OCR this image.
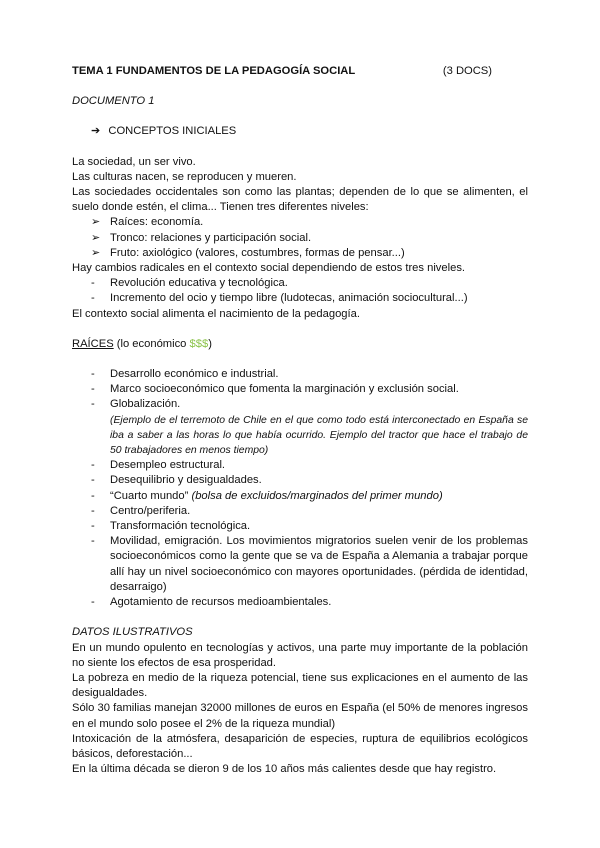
TEMA 1 FUNDAMENTOS DE LA PEDAGOGÍA SOCIAL	(3 DOCS)

DOCUMENTO 1

➔ CONCEPTOS INICIALES

La sociedad, un ser vivo.

Las culturas nacen, se reproducen y mueren.

Las sociedades occidentales son como las plantas; dependen de lo que se alimenten, el suelo donde estén, el clima... Tienen tres diferentes niveles:

➢ Raíces: economía.
➢ Tronco: relaciones y participación social.
➢ Fruto: axiológico (valores, costumbres, formas de pensar...)

Hay cambios radicales en el contexto social dependiendo de estos tres niveles.

-	Revolución educativa y tecnológica.
-	Incremento del ocio y tiempo libre (ludotecas, animación sociocultural...)

El contexto social alimenta el nacimiento de la pedagogía.

RAÍCES (lo económico $$$)

-	Desarrollo económico e industrial.
-	Marco socioeconómico que fomenta la marginación y exclusión social.
-	Globalización.

(Ejemplo de el terremoto de Chile en el que como todo está interconectado en España se iba a saber a las horas lo que había ocurrido. Ejemplo del tractor que hace el trabajo de 50 trabajadores en menos tiempo)

-	Desempleo estructural.
-	Desequilibrio y desigualdades.
-	“Cuarto mundo” (bolsa de excluidos/marginados del primer mundo)
-	Centro/periferia.
-	Transformación tecnológica.
-	Movilidad, emigración. Los movimientos migratorios suelen venir de los problemas socioeconómicos como la gente que se va de España a Alemania a trabajar porque allí hay un nivel socioeconómico con mayores oportunidades. (pérdida de identidad, desarraigo)
-	Agotamiento de recursos medioambientales.

DATOS ILUSTRATIVOS

En un mundo opulento en tecnologías y activos, una parte muy importante de la población no siente los efectos de esa prosperidad.

La pobreza en medio de la riqueza potencial, tiene sus explicaciones en el aumento de las desigualdades.

Sólo 30 familias manejan 32000 millones de euros en España (el 50% de menores ingresos en el mundo solo posee el 2% de la riqueza mundial)

Intoxicación de la atmósfera, desaparición de especies, ruptura de equilibrios ecológicos básicos, deforestación...

En la última década se dieron 9 de los 10 años más calientes desde que hay registro.
